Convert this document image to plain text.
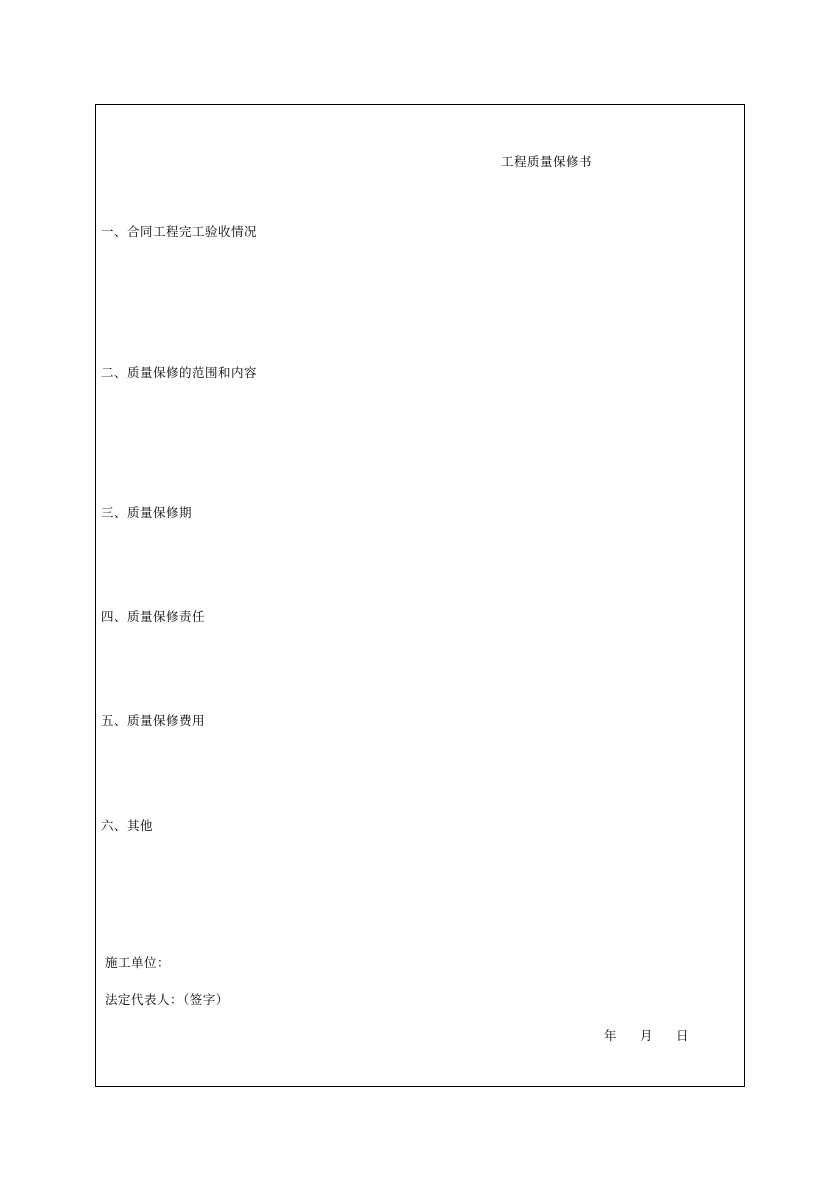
工程质量保修书
一、合同工程完工验收情况
二、质量保修的范围和内容
三、质量保修期
四、质量保修责任
五、质量保修费用
六、其他
施工单位：
法定代表人：（签字）
年 月 日
